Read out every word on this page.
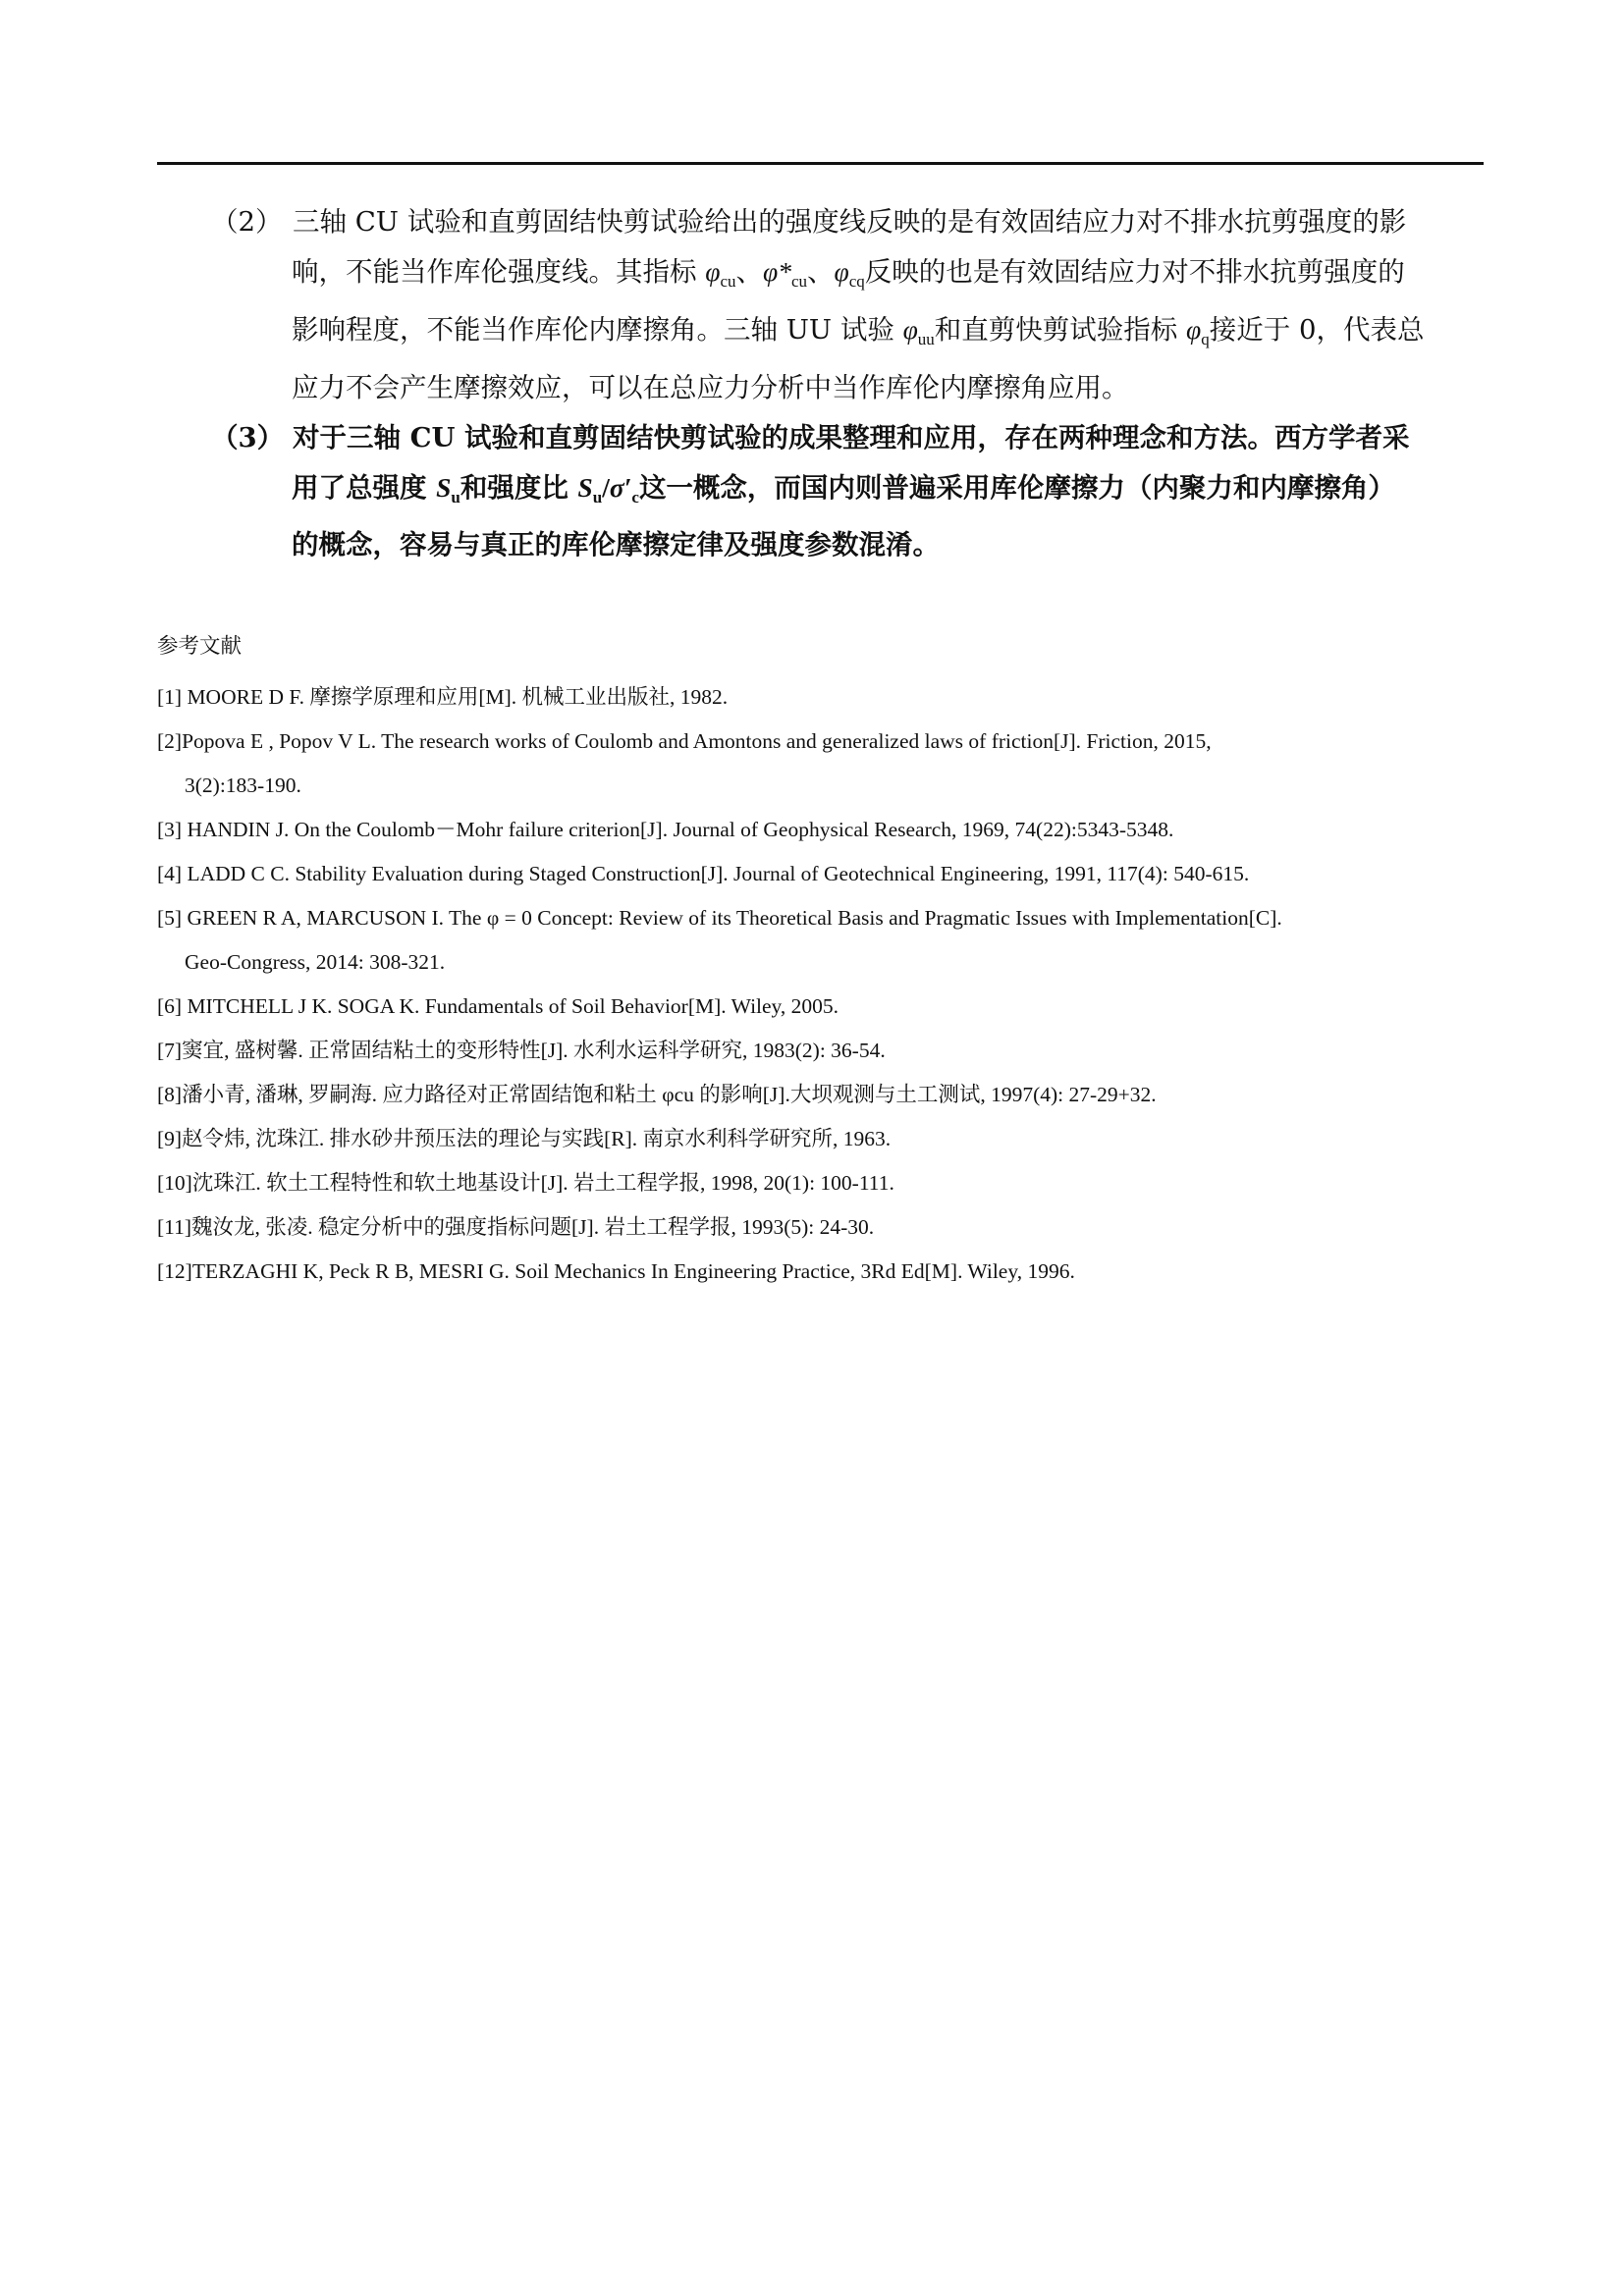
（2） 三轴 CU 试验和直剪固结快剪试验给出的强度线反映的是有效固结应力对不排水抗剪强度的影
响，不能当作库伦强度线。其指标 $\varphi_{cu}$、$\varphi*_{cu}$、$\varphi_{cq}$反映的也是有效固结应力对不排水抗剪强度的
影响程度，不能当作库伦内摩擦角。三轴 UU 试验 $\varphi_{uu}$和直剪快剪试验指标 $\varphi_q$接近于 0，代表总
应力不会产生摩擦效应，可以在总应力分析中当作库伦内摩擦角应用。
（3） 对于三轴 CU 试验和直剪固结快剪试验的成果整理和应用，存在两种理念和方法。西方学者采
用了总强度 $S_u$和强度比 $S_u/\sigma'_c$这一概念，而国内则普遍采用库伦摩擦力（内聚力和内摩擦角）
的概念，容易与真正的库伦摩擦定律及强度参数混淆。
参考文献
[1] MOORE D F. 摩擦学原理和应用[M]. 机械工业出版社, 1982.
[2]Popova E , Popov V L. The research works of Coulomb and Amontons and generalized laws of friction[J]. Friction, 2015,
3(2):183-190.
[3] HANDIN J. On the Coulomb－Mohr failure criterion[J]. Journal of Geophysical Research, 1969, 74(22):5343-5348.
[4] LADD C C. Stability Evaluation during Staged Construction[J]. Journal of Geotechnical Engineering, 1991, 117(4): 540-615.
[5] GREEN R A, MARCUSON I. The φ = 0 Concept: Review of its Theoretical Basis and Pragmatic Issues with Implementation[C].
Geo-Congress, 2014: 308-321.
[6] MITCHELL J K. SOGA K. Fundamentals of Soil Behavior[M]. Wiley, 2005.
[7]窦宜, 盛树馨. 正常固结粘土的变形特性[J]. 水利水运科学研究, 1983(2): 36-54.
[8]潘小青, 潘琳, 罗嗣海. 应力路径对正常固结饱和粘土 φcu 的影响[J].大坝观测与土工测试, 1997(4): 27-29+32.
[9]赵令炜, 沈珠江. 排水砂井预压法的理论与实践[R]. 南京水利科学研究所, 1963.
[10]沈珠江. 软土工程特性和软土地基设计[J]. 岩土工程学报, 1998, 20(1): 100-111.
[11]魏汝龙, 张凌. 稳定分析中的强度指标问题[J]. 岩土工程学报, 1993(5): 24-30.
[12]TERZAGHI K, Peck R B, MESRI G. Soil Mechanics In Engineering Practice, 3Rd Ed[M]. Wiley, 1996.
